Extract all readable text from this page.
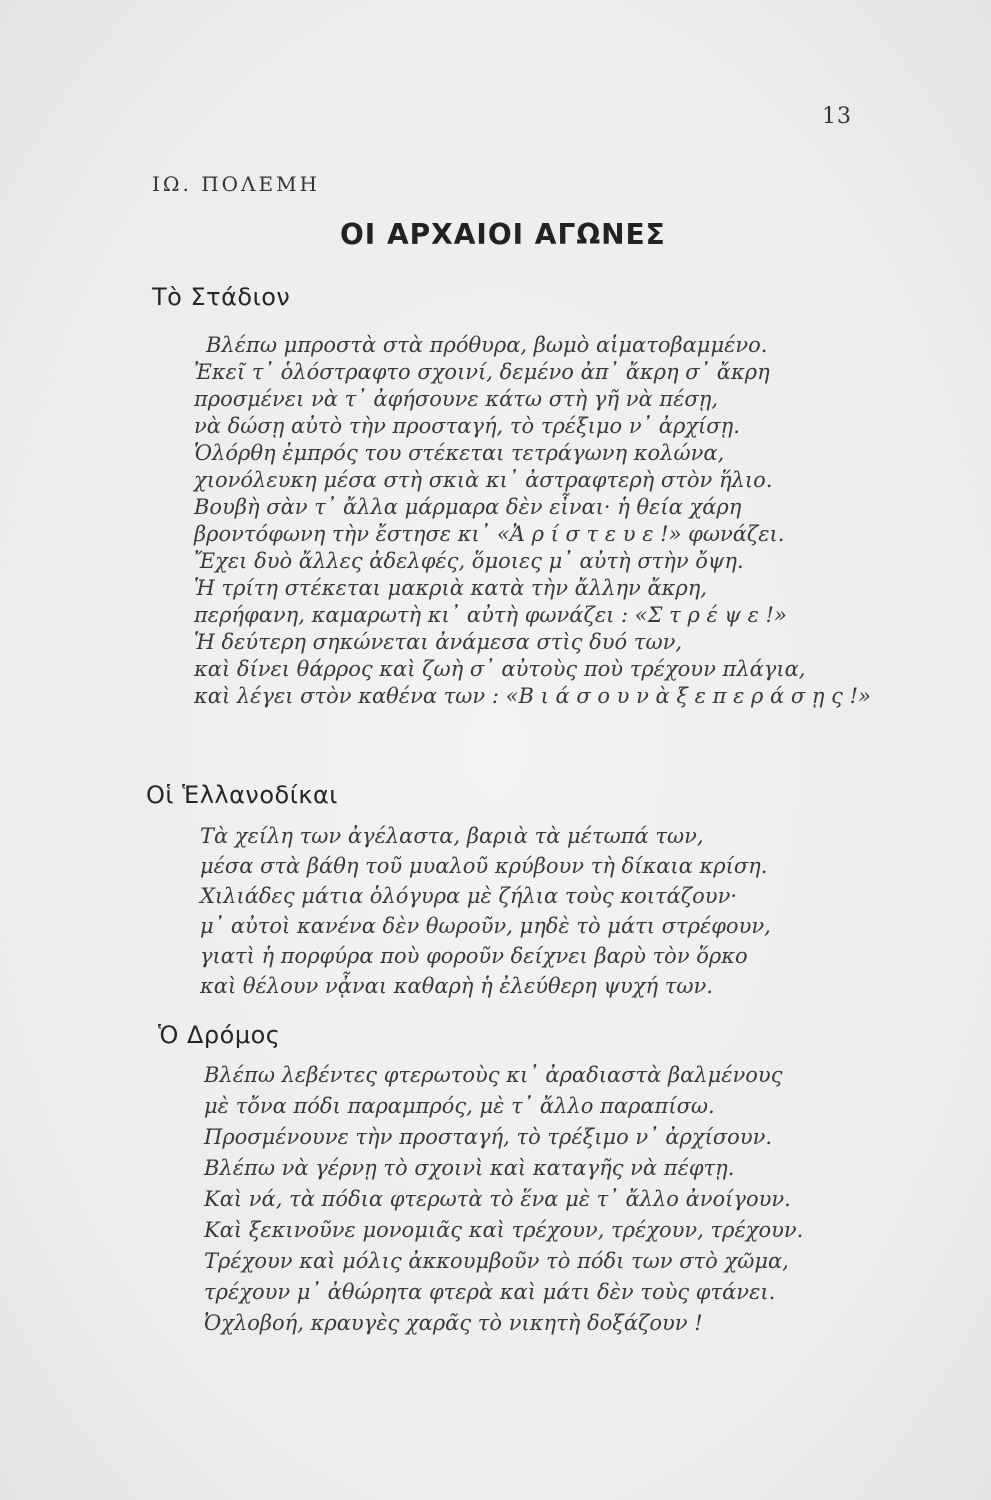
13
ΙΩ. ΠΟΛΕΜΗ
ΟΙ ΑΡΧΑΙΟΙ ΑΓΩΝΕΣ
Τὸ Στάδιον
Βλέπω μπροστὰ στὰ πρόθυρα, βωμὸ αἱματοβαμμένο.
Ἐκεῖ τ᾽ ὁλόστραφτο σχοινί, δεμένο ἀπ᾽ ἄκρη σ᾽ ἄκρη
προσμένει νὰ τ᾽ ἀφήσουνε κάτω στὴ γῆ νὰ πέσῃ,
νὰ δώσῃ αὐτὸ τὴν προσταγή, τὸ τρέξιμο ν᾽ ἀρχίσῃ.
Ὁλόρθη ἐμπρός του στέκεται τετράγωνη κολώνα,
χιονόλευκη μέσα στὴ σκιὰ κι᾽ ἀστραφτερὴ στὸν ἥλιο.
Βουβὴ σὰν τ᾽ ἄλλα μάρμαρα δὲν εἶναι· ἡ θεία χάρη
βροντόφωνη τὴν ἔστησε κι᾽ «Ἀ ρ ί σ τ ε υ ε !» φωνάζει.
Ἔχει δυὸ ἄλλες ἀδελφές, ὅμοιες μ᾽ αὐτὴ στὴν ὄψη.
Ἡ τρίτη στέκεται μακριὰ κατὰ τὴν ἄλλην ἄκρη,
περήφανη, καμαρωτὴ κι᾽ αὐτὴ φωνάζει : «Σ τ ρ έ ψ ε !»
Ἡ δεύτερη σηκώνεται ἀνάμεσα στὶς δυό των,
καὶ δίνει θάρρος καὶ ζωὴ σ᾽ αὐτοὺς ποὺ τρέχουν πλάγια,
καὶ λέγει στὸν καθένα των : «Β ι ά σ ο υ ν ὰ ξ ε π ε ρ ά σ ῃ ς !»
Οἱ Ἑλλανοδίκαι
Τὰ χείλη των ἀγέλαστα, βαριὰ τὰ μέτωπά των,
μέσα στὰ βάθη τοῦ μυαλοῦ κρύβουν τὴ δίκαια κρίση.
Χιλιάδες μάτια ὁλόγυρα μὲ ζήλια τοὺς κοιτάζουν·
μ᾽ αὐτοὶ κανένα δὲν θωροῦν, μηδὲ τὸ μάτι στρέφουν,
γιατὶ ἡ πορφύρα ποὺ φοροῦν δείχνει βαρὺ τὸν ὅρκο
καὶ θέλουν νᾆναι καθαρὴ ἡ ἐλεύθερη ψυχή των.
Ὁ Δρόμος
Βλέπω λεβέντες φτερωτοὺς κι᾽ ἀραδιαστὰ βαλμένους
μὲ τὄνα πόδι παραμπρός, μὲ τ᾽ ἄλλο παραπίσω.
Προσμένουνε τὴν προσταγή, τὸ τρέξιμο ν᾽ ἀρχίσουν.
Βλέπω νὰ γέρνῃ τὸ σχοινὶ καὶ καταγῆς νὰ πέφτῃ.
Καὶ νά, τὰ πόδια φτερωτὰ τὸ ἕνα μὲ τ᾽ ἄλλο ἀνοίγουν.
Καὶ ξεκινοῦνε μονομιᾶς καὶ τρέχουν, τρέχουν, τρέχουν.
Τρέχουν καὶ μόλις ἀκκουμβοῦν τὸ πόδι των στὸ χῶμα,
τρέχουν μ᾽ ἀθώρητα φτερὰ καὶ μάτι δὲν τοὺς φτάνει.
Ὀχλοβοή, κραυγὲς χαρᾶς τὸ νικητὴ δοξάζουν !
